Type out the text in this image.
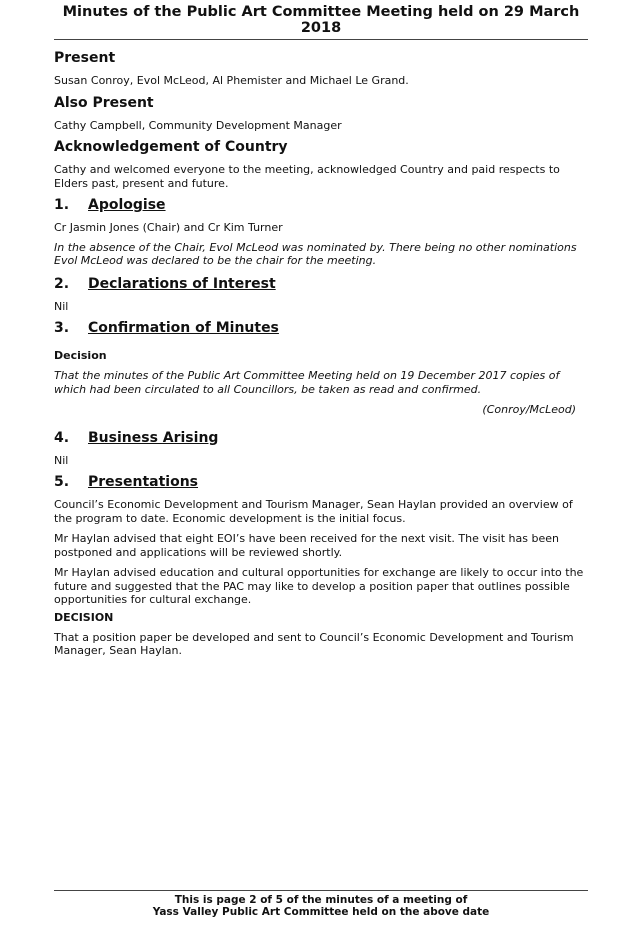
Minutes of the Public Art Committee Meeting held on 29 March 2018
Present

Susan Conroy, Evol McLeod, Al Phemister and Michael Le Grand.

Also Present

Cathy Campbell, Community Development Manager

Acknowledgement of Country

Cathy and welcomed everyone to the meeting, acknowledged Country and paid respects to Elders past, present and future.

1. Apologise

Cr Jasmin Jones (Chair) and Cr Kim Turner

In the absence of the Chair, Evol McLeod was nominated by. There being no other nominations Evol McLeod was declared to be the chair for the meeting.

2. Declarations of Interest

Nil

3. Confirmation of Minutes
Decision

That the minutes of the Public Art Committee Meeting held on 19 December 2017 copies of which had been circulated to all Councillors, be taken as read and confirmed.

(Conroy/McLeod)

4. Business Arising

Nil

5. Presentations

Council’s Economic Development and Tourism Manager, Sean Haylan provided an overview of the program to date. Economic development is the initial focus.

Mr Haylan advised that eight EOI’s have been received for the next visit. The visit has been postponed and applications will be reviewed shortly.

Mr Haylan advised education and cultural opportunities for exchange are likely to occur into the future and suggested that the PAC may like to develop a position paper that outlines possible opportunities for cultural exchange.

DECISION

That a position paper be developed and sent to Council’s Economic Development and Tourism Manager, Sean Haylan.

This is page 2 of 5 of the minutes of a meeting of
Yass Valley Public Art Committee held on the above date
